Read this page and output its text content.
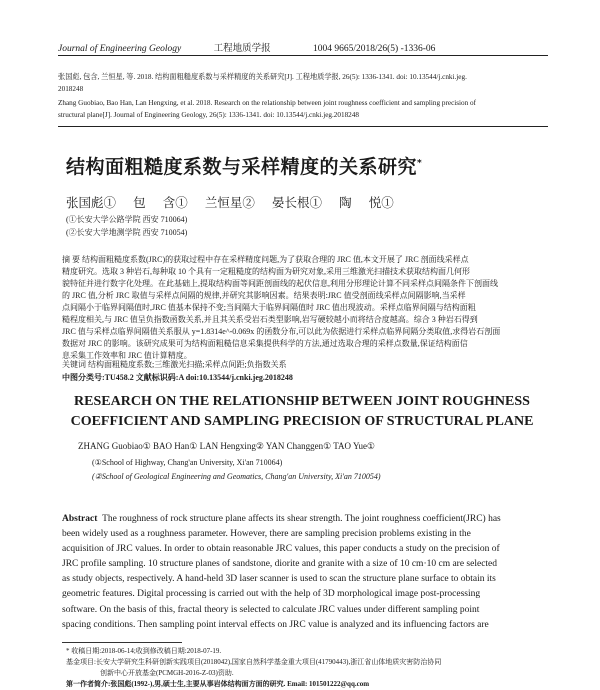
Journal of Engineering Geology	工程地质学报	1004 9665/2018/26(5) -1336-06
张国彪, 包含, 兰恒星, 等. 2018. 结构面粗糙度系数与采样精度的关系研究[J]. 工程地质学报, 26(5): 1336-1341. doi: 10.13544/j.cnki.jeg.
2018248
Zhang Guobiao, Bao Han, Lan Hengxing, et al. 2018. Research on the relationship between joint roughness coefficient and sampling precision of
structural plane[J]. Journal of Engineering Geology, 26(5): 1336-1341. doi: 10.13544/j.cnki.jeg.2018248
结构面粗糙度系数与采样精度的关系研究*
张国彪① 包 含① 兰恒星② 晏长根① 陶 悦①
(①长安大学公路学院 西安 710064)
(②长安大学地测学院 西安 710054)
摘 要 结构面粗糙度系数(JRC)的获取过程中存在采样精度问题,为了获取合理的 JRC 值,本文开展了 JRC 剖面线采样点
精度研究。选取 3 种岩石,每种取 10 个具有一定粗糙度的结构面为研究对象,采用三维激光扫描技术获取结构面几何形
貌特征并进行数字化处理。在此基础上,提取结构面等间距剖面线的起伏信息,利用分形理论计算不同采样点间隔条件下剖面线
的 JRC 值,分析 JRC 取值与采样点间隔的规律,并研究其影响因素。结果表明:JRC 值受剖面线采样点间隔影响,当采样
点间隔小于临界间隔值时,JRC 值基本保持不变;当间隔大于临界间隔值时 JRC 值出现波动。采样点临界间隔与结构面粗
糙程度相关,与 JRC 值呈负指数函数关系,并且其关系受岩石类型影响,岩写硬较越小而将结合度越高。综合 3 种岩石得到
JRC 值与采样点临界间隔值关系服从 y=1.8314e^-0.069x 的函数分布,可以此为依据进行采样点临界间隔分类取值,求得岩石剖面
数据对 JRC 的影响。该研究成果可为结构面粗糙信息采集提供科学的方法,通过选取合理的采样点数量,保证结构面信
息采集工作效率和 JRC 值计算精度。
关键词 结构面粗糙度系数;三维激光扫描;采样点间距;负指数关系
中图分类号:TU458.2 文献标识码:A doi:10.13544/j.cnki.jeg.2018248
RESEARCH ON THE RELATIONSHIP BETWEEN JOINT ROUGHNESS
COEFFICIENT AND SAMPLING PRECISION OF STRUCTURAL PLANE
ZHANG Guobiao① BAO Han① LAN Hengxing② YAN Changgen① TAO Yue①
(①School of Highway, Chang'an University, Xi'an 710064)
(②School of Geological Engineering and Geomatics, Chang'an University, Xi'an 710054)
Abstract The roughness of rock structure plane affects its shear strength. The joint roughness coefficient(JRC) has
been widely used as a roughness parameter. However, there are sampling precision problems existing in the
acquisition of JRC values. In order to obtain reasonable JRC values, this paper conducts a study on the precision of
JRC profile sampling. 10 structure planes of sandstone, diorite and granite with a size of 10 cm·10 cm are selected
as study objects, respectively. A hand-held 3D laser scanner is used to scan the structure plane surface to obtain its
geometric features. Digital processing is carried out with the help of 3D morphological image post-processing
software. On the basis of this, fractal theory is selected to calculate JRC values under different sampling point
spacing conditions. Then sampling point interval effects on JRC value is analyzed and its influencing factors are
* 收稿日期:2018-06-14;收到修改稿日期:2018-07-19.
基金项目:长安大学研究生科研创新实践项目(2018042),国家自然科学基金重大项目(41790443),浙江省山体地质灾害防治协同
创新中心开放基金(PCMGH-2016-Z-03)资助.
第一作者简介:张国彪(1992-),男,硕士生,主要从事岩体结构面方面的研究. Email: 101501222@qq.com
